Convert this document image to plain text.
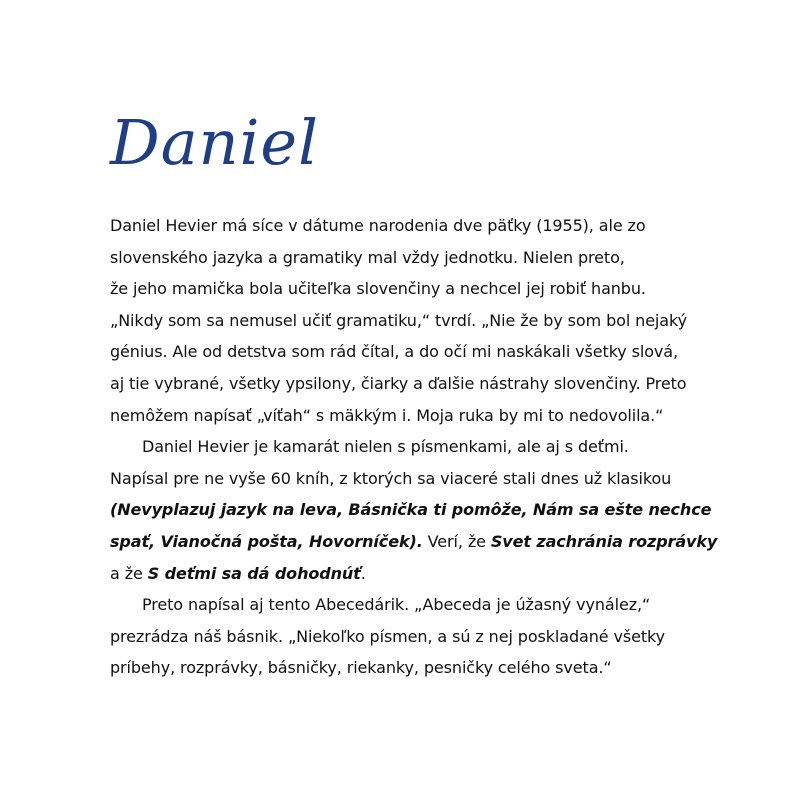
Daniel
Daniel Hevier má síce v dátume narodenia dve päťky (1955), ale zo
slovenského jazyka a gramatiky mal vždy jednotku. Nielen preto,
že jeho mamička bola učiteľka slovenčiny a nechcel jej robiť hanbu.
„Nikdy som sa nemusel učiť gramatiku,“ tvrdí. „Nie že by som bol nejaký
génius. Ale od detstva som rád čítal, a do očí mi naskákali všetky slová,
aj tie vybrané, všetky ypsilony, čiarky a ďalšie nástrahy slovenčiny. Preto
nemôžem napísať „víťah“ s mäkkým i. Moja ruka by mi to nedovolila.“
Daniel Hevier je kamarát nielen s písmenkami, ale aj s deťmi.
Napísal pre ne vyše 60 kníh, z ktorých sa viaceré stali dnes už klasikou
(Nevyplazuj jazyk na leva, Básnička ti pomôže, Nám sa ešte nechce
spať, Vianočná pošta, Hovorníček). Verí, že Svet zachránia rozprávky
a že S deťmi sa dá dohodnúť.
Preto napísal aj tento Abecedárik. „Abeceda je úžasný vynález,“
prezrádza náš básnik. „Niekoľko písmen, a sú z nej poskladané všetky
príbehy, rozprávky, básničky, riekanky, pesničky celého sveta.“
